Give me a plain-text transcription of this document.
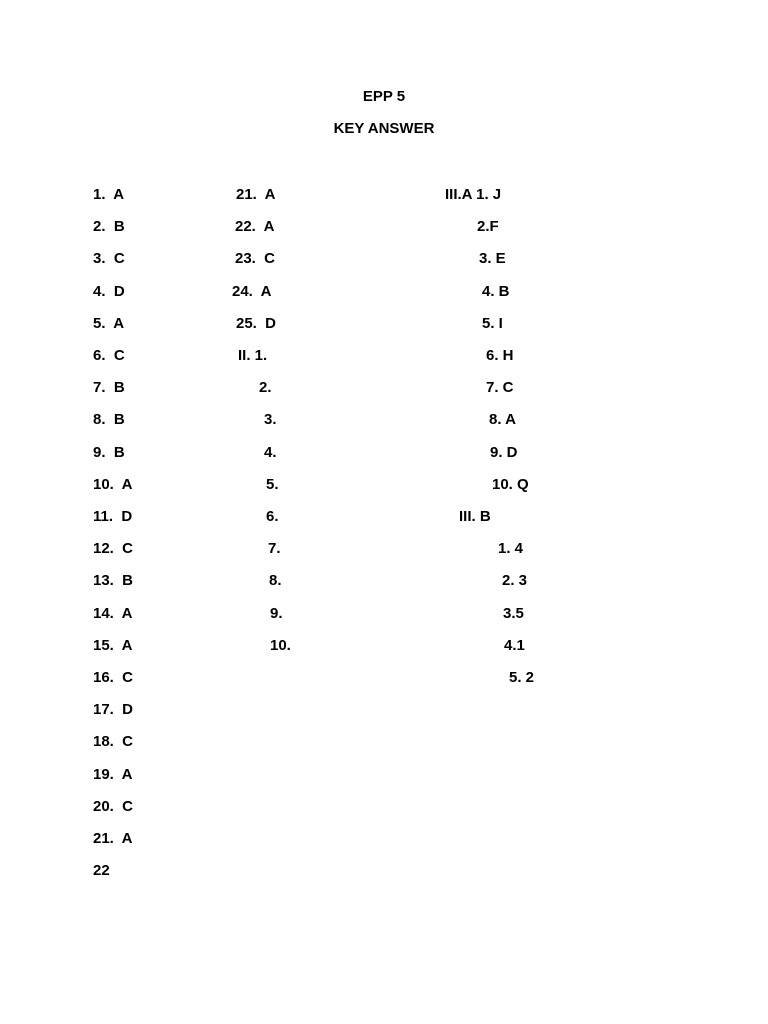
EPP 5
KEY ANSWER
1.  A
2.  B
3.  C
4.  D
5.  A
6.  C
7.  B
8.  B
9.  B
10.  A
11.  D
12.  C
13.  B
14.  A
15.  A
16.  C
17.  D
18.  C
19.  A
20.  C
21.  A
22
21.  A
22.  A
23.  C
24.  A
25.  D
II. 1.
2.
3.
4.
5.
6.
7.
8.
9.
10.
III.A 1. J
2.F
3. E
4. B
5. I
6. H
7. C
8. A
9. D
10. Q
III. B
1. 4
2. 3
3.5
4.1
5. 2
